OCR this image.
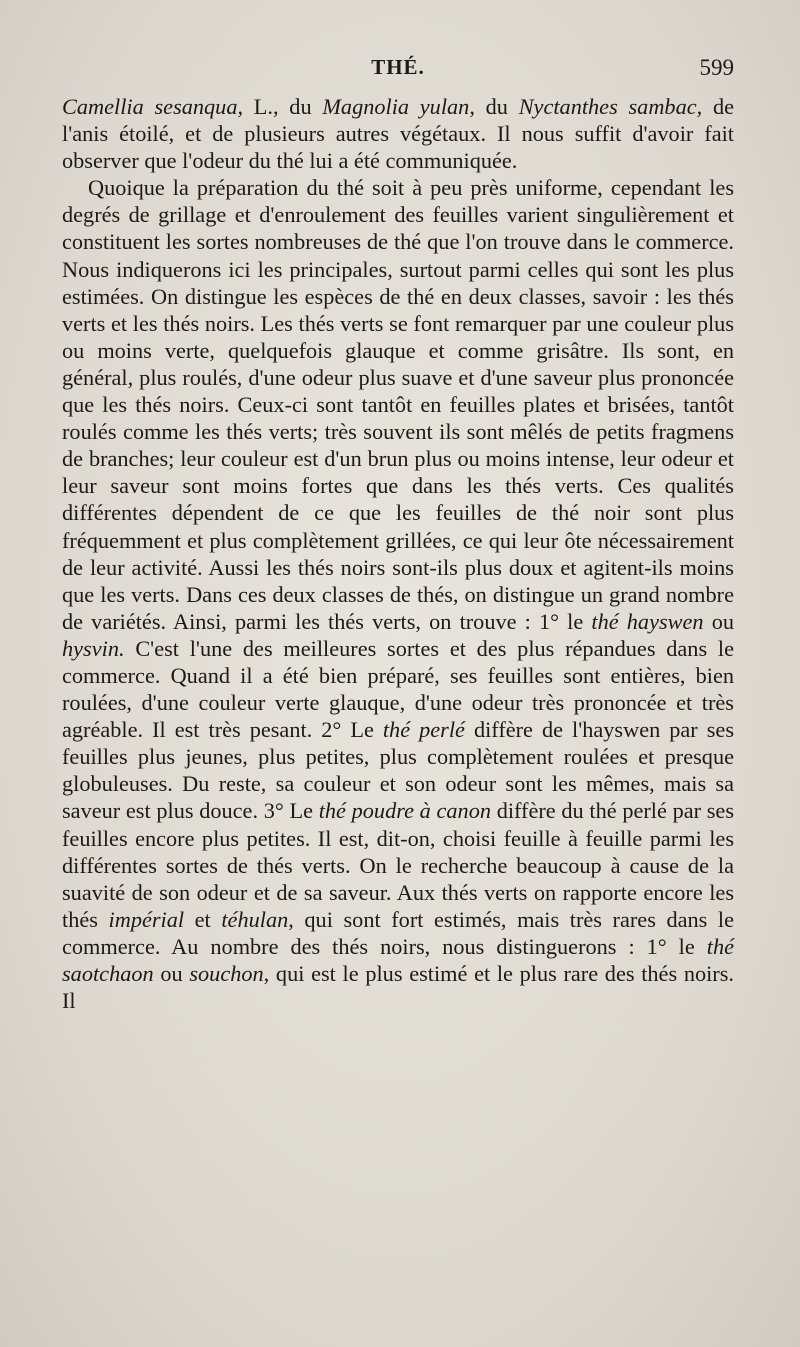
THÉ.	599

Camellia sesanqua, L., du Magnolia yulan, du Nyctanthes sambac, de l'anis étoilé, et de plusieurs autres végétaux. Il nous suffit d'avoir fait observer que l'odeur du thé lui a été communiquée.

Quoique la préparation du thé soit à peu près uniforme, cependant les degrés de grillage et d'enroulement des feuilles varient singulièrement et constituent les sortes nombreuses de thé que l'on trouve dans le commerce. Nous indiquerons ici les principales, surtout parmi celles qui sont les plus estimées. On distingue les espèces de thé en deux classes, savoir : les thés verts et les thés noirs. Les thés verts se font remarquer par une couleur plus ou moins verte, quelquefois glauque et comme grisâtre. Ils sont, en général, plus roulés, d'une odeur plus suave et d'une saveur plus prononcée que les thés noirs. Ceux-ci sont tantôt en feuilles plates et brisées, tantôt roulés comme les thés verts; très souvent ils sont mêlés de petits fragmens de branches; leur couleur est d'un brun plus ou moins intense, leur odeur et leur saveur sont moins fortes que dans les thés verts. Ces qualités différentes dépendent de ce que les feuilles de thé noir sont plus fréquemment et plus complètement grillées, ce qui leur ôte nécessairement de leur activité. Aussi les thés noirs sont-ils plus doux et agitent-ils moins que les verts. Dans ces deux classes de thés, on distingue un grand nombre de variétés. Ainsi, parmi les thés verts, on trouve : 1° le thé hayswen ou hysvin. C'est l'une des meilleures sortes et des plus répandues dans le commerce. Quand il a été bien préparé, ses feuilles sont entières, bien roulées, d'une couleur verte glauque, d'une odeur très prononcée et très agréable. Il est très pesant. 2° Le thé perlé diffère de l'hayswen par ses feuilles plus jeunes, plus petites, plus complètement roulées et presque globuleuses. Du reste, sa couleur et son odeur sont les mêmes, mais sa saveur est plus douce. 3° Le thé poudre à canon diffère du thé perlé par ses feuilles encore plus petites. Il est, dit-on, choisi feuille à feuille parmi les différentes sortes de thés verts. On le recherche beaucoup à cause de la suavité de son odeur et de sa saveur. Aux thés verts on rapporte encore les thés impérial et téhulan, qui sont fort estimés, mais très rares dans le commerce. Au nombre des thés noirs, nous distinguerons : 1° le thé saotchaon ou souchon, qui est le plus estimé et le plus rare des thés noirs. Il
